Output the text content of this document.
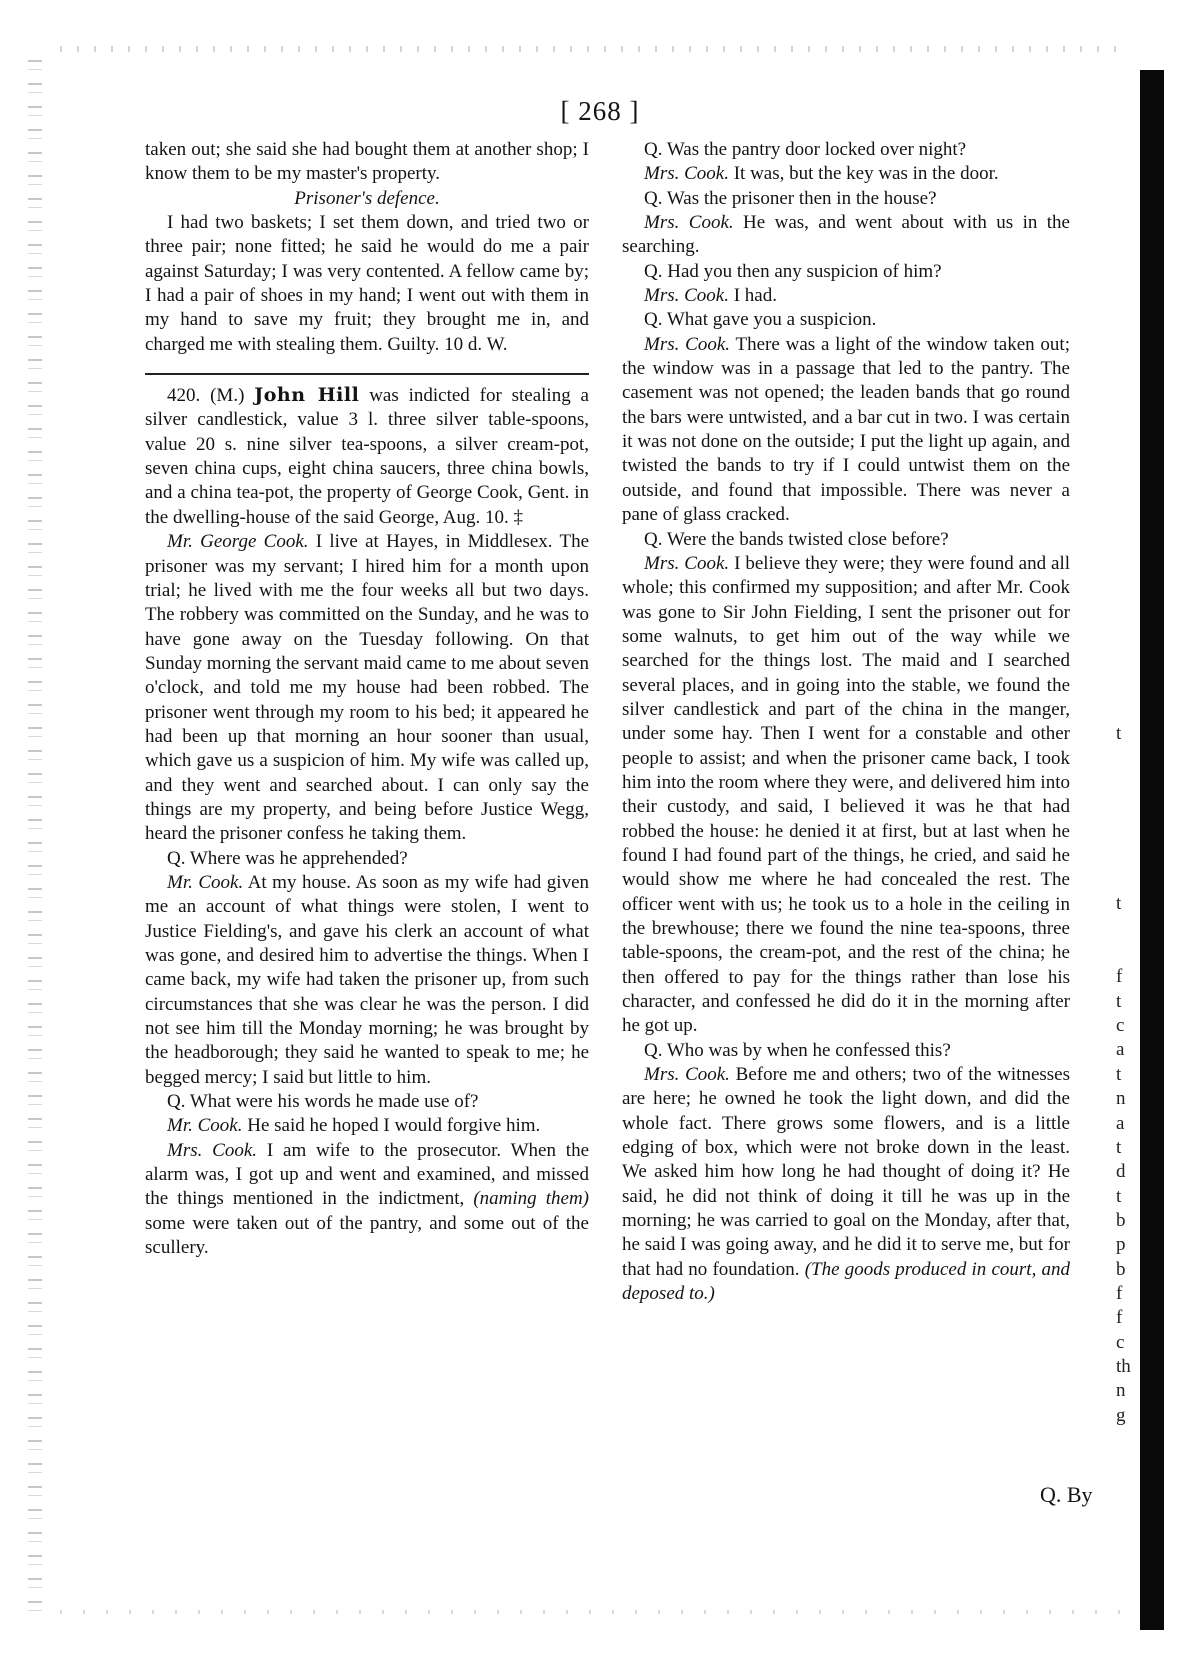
[ 268 ]

taken out; she said she had bought them at another shop; I know them to be my master's property.

Prisoner's defence.

I had two baskets; I set them down, and tried two or three pair; none fitted; he said he would do me a pair against Saturday; I was very contented. A fellow came by; I had a pair of shoes in my hand; I went out with them in my hand to save my fruit; they brought me in, and charged me with stealing them. Guilty. 10 d. W.

420. (M.) John Hill was indicted for stealing a silver candlestick, value 3 l. three silver table-spoons, value 20 s. nine silver tea-spoons, a silver cream-pot, seven china cups, eight china saucers, three china bowls, and a china tea-pot, the property of George Cook, Gent. in the dwelling-house of the said George, Aug. 10. ‡

Mr. George Cook. I live at Hayes, in Middlesex. The prisoner was my servant; I hired him for a month upon trial; he lived with me the four weeks all but two days. The robbery was committed on the Sunday, and he was to have gone away on the Tuesday following. On that Sunday morning the servant maid came to me about seven o'clock, and told me my house had been robbed. The prisoner went through my room to his bed; it appeared he had been up that morning an hour sooner than usual, which gave us a suspicion of him. My wife was called up, and they went and searched about. I can only say the things are my property, and being before Justice Wegg, heard the prisoner confess he taking them.

Q. Where was he apprehended?

Mr. Cook. At my house. As soon as my wife had given me an account of what things were stolen, I went to Justice Fielding's, and gave his clerk an account of what was gone, and desired him to advertise the things. When I came back, my wife had taken the prisoner up, from such circumstances that she was clear he was the person. I did not see him till the Monday morning; he was brought by the headborough; they said he wanted to speak to me; he begged mercy; I said but little to him.

Q. What were his words he made use of?

Mr. Cook. He said he hoped I would forgive him.

Mrs. Cook. I am wife to the prosecutor. When the alarm was, I got up and went and examined, and missed the things mentioned in the indictment, (naming them) some were taken out of the pantry, and some out of the scullery.

Q. Was the pantry door locked over night?

Mrs. Cook. It was, but the key was in the door.

Q. Was the prisoner then in the house?

Mrs. Cook. He was, and went about with us in the searching.

Q. Had you then any suspicion of him?

Mrs. Cook. I had.

Q. What gave you a suspicion.

Mrs. Cook. There was a light of the window taken out; the window was in a passage that led to the pantry. The casement was not opened; the leaden bands that go round the bars were untwisted, and a bar cut in two. I was certain it was not done on the outside; I put the light up again, and twisted the bands to try if I could untwist them on the outside, and found that impossible. There was never a pane of glass cracked.

Q. Were the bands twisted close before?

Mrs. Cook. I believe they were; they were found and all whole; this confirmed my supposition; and after Mr. Cook was gone to Sir John Fielding, I sent the prisoner out for some walnuts, to get him out of the way while we searched for the things lost. The maid and I searched several places, and in going into the stable, we found the silver candlestick and part of the china in the manger, under some hay. Then I went for a constable and other people to assist; and when the prisoner came back, I took him into the room where they were, and delivered him into their custody, and said, I believed it was he that had robbed the house: he denied it at first, but at last when he found I had found part of the things, he cried, and said he would show me where he had concealed the rest. The officer went with us; he took us to a hole in the ceiling in the brewhouse; there we found the nine tea-spoons, three table-spoons, the cream-pot, and the rest of the china; he then offered to pay for the things rather than lose his character, and confessed he did do it in the morning after he got up.

Q. Who was by when he confessed this?

Mrs. Cook. Before me and others; two of the witnesses are here; he owned he took the light down, and did the whole fact. There grows some flowers, and is a little edging of box, which were not broke down in the least. We asked him how long he had thought of doing it? He said, he did not think of doing it till he was up in the morning; he was carried to goal on the Monday, after that, he said I was going away, and he did it to serve me, but for that had no foundation. (The goods produced in court, and deposed to.)

Q. By
t
t
f
t
c
a
t
n
a
t
d
t
b
p
b
f
f
c
th
n
g
